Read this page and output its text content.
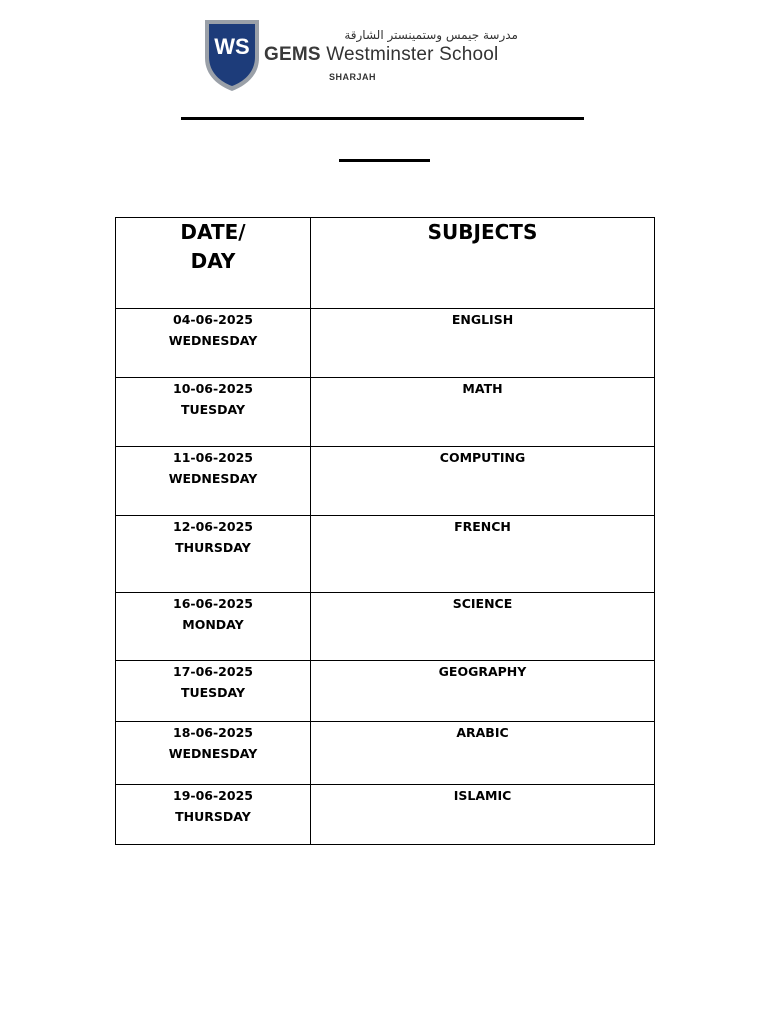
WS	مدرسة جيمس وستمينستر الشارقة
GEMS Westminster School
SHARJAH
DATE/
DAY	SUBJECTS

04-06-2025
WEDNESDAY	ENGLISH

10-06-2025
TUESDAY	MATH

11-06-2025
WEDNESDAY	COMPUTING

12-06-2025
THURSDAY	FRENCH

16-06-2025
MONDAY	SCIENCE

17-06-2025
TUESDAY	GEOGRAPHY

18-06-2025
WEDNESDAY	ARABIC

19-06-2025
THURSDAY	ISLAMIC
